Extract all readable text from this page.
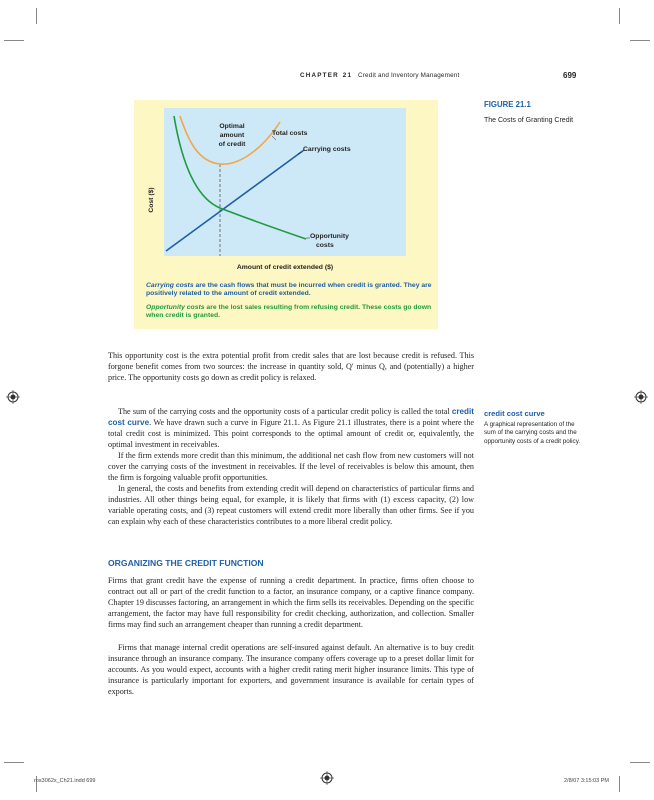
CHAPTER 21 Credit and Inventory Management	699
Optimal
amount
of credit
Total costs
Carrying costs
Opportunity
costs
Cost ($)
Amount of credit extended ($)
Carrying costs are the cash flows that must be incurred when credit is granted. They are positively related to the amount of credit extended.
Opportunity costs are the lost sales resulting from refusing credit. These costs go down when credit is granted.
FIGURE 21.1
The Costs of Granting Credit
This opportunity cost is the extra potential profit from credit sales that are lost because credit is refused. This forgone benefit comes from two sources: the increase in quantity sold, Q′ minus Q, and (potentially) a higher price. The opportunity costs go down as credit policy is relaxed.
The sum of the carrying costs and the opportunity costs of a particular credit policy is called the total credit cost curve. We have drawn such a curve in Figure 21.1. As Figure 21.1 illustrates, there is a point where the total credit cost is minimized. This point corresponds to the optimal amount of credit or, equivalently, the optimal investment in receivables.
If the firm extends more credit than this minimum, the additional net cash flow from new customers will not cover the carrying costs of the investment in receivables. If the level of receivables is below this amount, then the firm is forgoing valuable profit opportunities.
In general, the costs and benefits from extending credit will depend on characteristics of particular firms and industries. All other things being equal, for example, it is likely that firms with (1) excess capacity, (2) low variable operating costs, and (3) repeat customers will extend credit more liberally than other firms. See if you can explain why each of these characteristics contributes to a more liberal credit policy.
credit cost curve
A graphical representation of the sum of the carrying costs and the opportunity costs of a credit policy.
ORGANIZING THE CREDIT FUNCTION
Firms that grant credit have the expense of running a credit department. In practice, firms often choose to contract out all or part of the credit function to a factor, an insurance company, or a captive finance company. Chapter 19 discusses factoring, an arrangement in which the firm sells its receivables. Depending on the specific arrangement, the factor may have full responsibility for credit checking, authorization, and collection. Smaller firms may find such an arrangement cheaper than running a credit department.
Firms that manage internal credit operations are self-insured against default. An alternative is to buy credit insurance through an insurance company. The insurance company offers coverage up to a preset dollar limit for accounts. As you would expect, accounts with a higher credit rating merit higher insurance limits. This type of insurance is particularly important for exporters, and government insurance is available for certain types of exports.
ros3062x_Ch21.indd 699	2/8/07 3:15:03 PM
